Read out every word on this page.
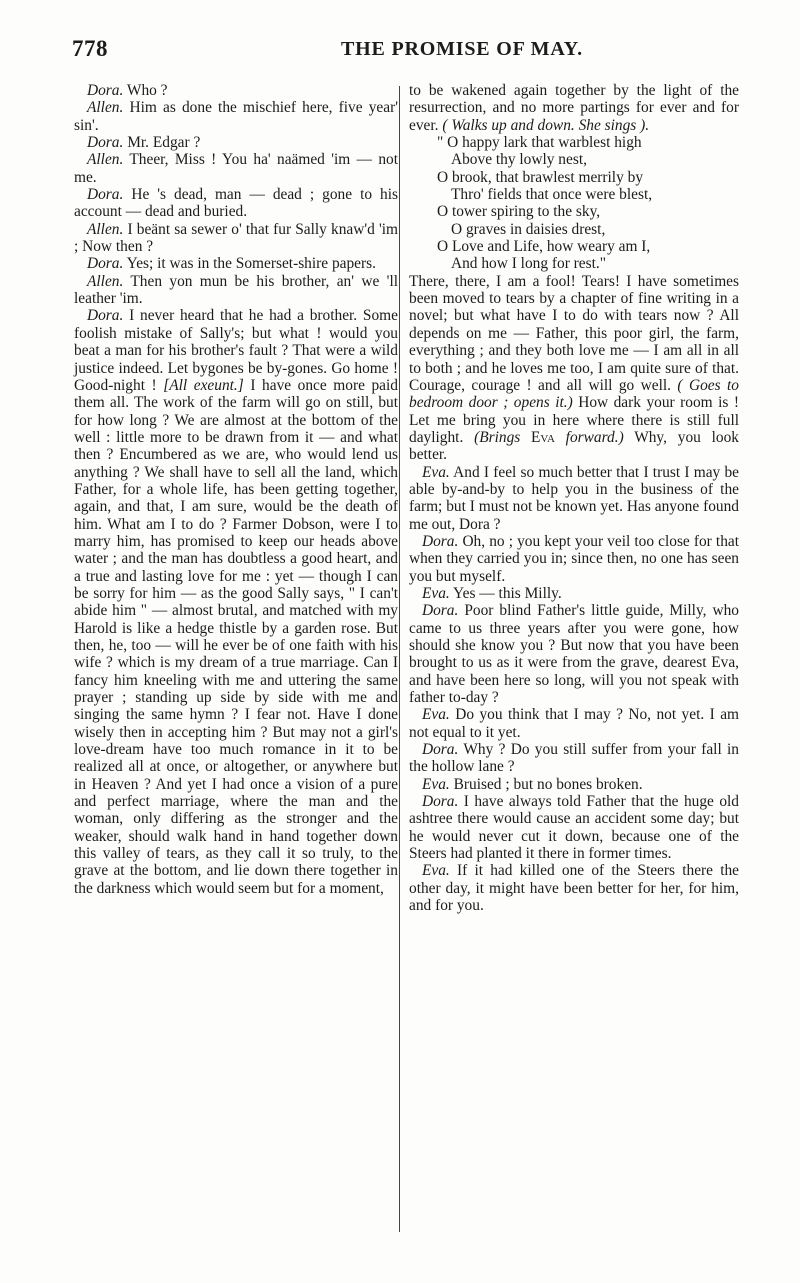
778	THE PROMISE OF MAY.

Dora. Who ?

Allen. Him as done the mischief here, five year' sin'.

Dora. Mr. Edgar ?

Allen. Theer, Miss ! You ha' naämed 'im — not me.

Dora. He 's dead, man — dead ; gone to his account — dead and buried.

Allen. I beänt sa sewer o' that fur Sally knaw'd 'im ; Now then ?

Dora. Yes; it was in the Somerset-shire papers.

Allen. Then yon mun be his brother, an' we 'll leather 'im.

Dora. I never heard that he had a brother. Some foolish mistake of Sally's; but what ! would you beat a man for his brother's fault ? That were a wild justice indeed. Let bygones be by-gones. Go home ! Good-night ! [All exeunt.] I have once more paid them all. The work of the farm will go on still, but for how long ? We are almost at the bottom of the well : little more to be drawn from it — and what then ? Encumbered as we are, who would lend us anything ? We shall have to sell all the land, which Father, for a whole life, has been getting together, again, and that, I am sure, would be the death of him. What am I to do ? Farmer Dobson, were I to marry him, has promised to keep our heads above water ; and the man has doubtless a good heart, and a true and lasting love for me : yet — though I can be sorry for him — as the good Sally says, " I can't abide him " — almost brutal, and matched with my Harold is like a hedge thistle by a garden rose. But then, he, too — will he ever be of one faith with his wife ? which is my dream of a true marriage. Can I fancy him kneeling with me and uttering the same prayer ; standing up side by side with me and singing the same hymn ? I fear not. Have I done wisely then in accepting him ? But may not a girl's love-dream have too much romance in it to be realized all at once, or altogether, or anywhere but in Heaven ? And yet I had once a vision of a pure and perfect marriage, where the man and the woman, only differing as the stronger and the weaker, should walk hand in hand together down this valley of tears, as they call it so truly, to the grave at the bottom, and lie down there together in the darkness which would seem but for a moment,

to be wakened again together by the light of the resurrection, and no more partings for ever and for ever. ( Walks up and down. She sings ).

" O happy lark that warblest high
Above thy lowly nest,
O brook, that brawlest merrily by
Thro' fields that once were blest,
O tower spiring to the sky,
O graves in daisies drest,
O Love and Life, how weary am I,
And how I long for rest."

There, there, I am a fool! Tears! I have sometimes been moved to tears by a chapter of fine writing in a novel; but what have I to do with tears now ? All depends on me — Father, this poor girl, the farm, everything ; and they both love me — I am all in all to both ; and he loves me too, I am quite sure of that. Courage, courage ! and all will go well. ( Goes to bedroom door ; opens it.) How dark your room is ! Let me bring you in here where there is still full daylight. (Brings Eva forward.) Why, you look better.

Eva. And I feel so much better that I trust I may be able by-and-by to help you in the business of the farm; but I must not be known yet. Has anyone found me out, Dora ?

Dora. Oh, no ; you kept your veil too close for that when they carried you in; since then, no one has seen you but myself.

Eva. Yes — this Milly.

Dora. Poor blind Father's little guide, Milly, who came to us three years after you were gone, how should she know you ? But now that you have been brought to us as it were from the grave, dearest Eva, and have been here so long, will you not speak with father to-day ?

Eva. Do you think that I may ? No, not yet. I am not equal to it yet.

Dora. Why ? Do you still suffer from your fall in the hollow lane ?

Eva. Bruised ; but no bones broken.

Dora. I have always told Father that the huge old ashtree there would cause an accident some day; but he would never cut it down, because one of the Steers had planted it there in former times.

Eva. If it had killed one of the Steers there the other day, it might have been better for her, for him, and for you.
